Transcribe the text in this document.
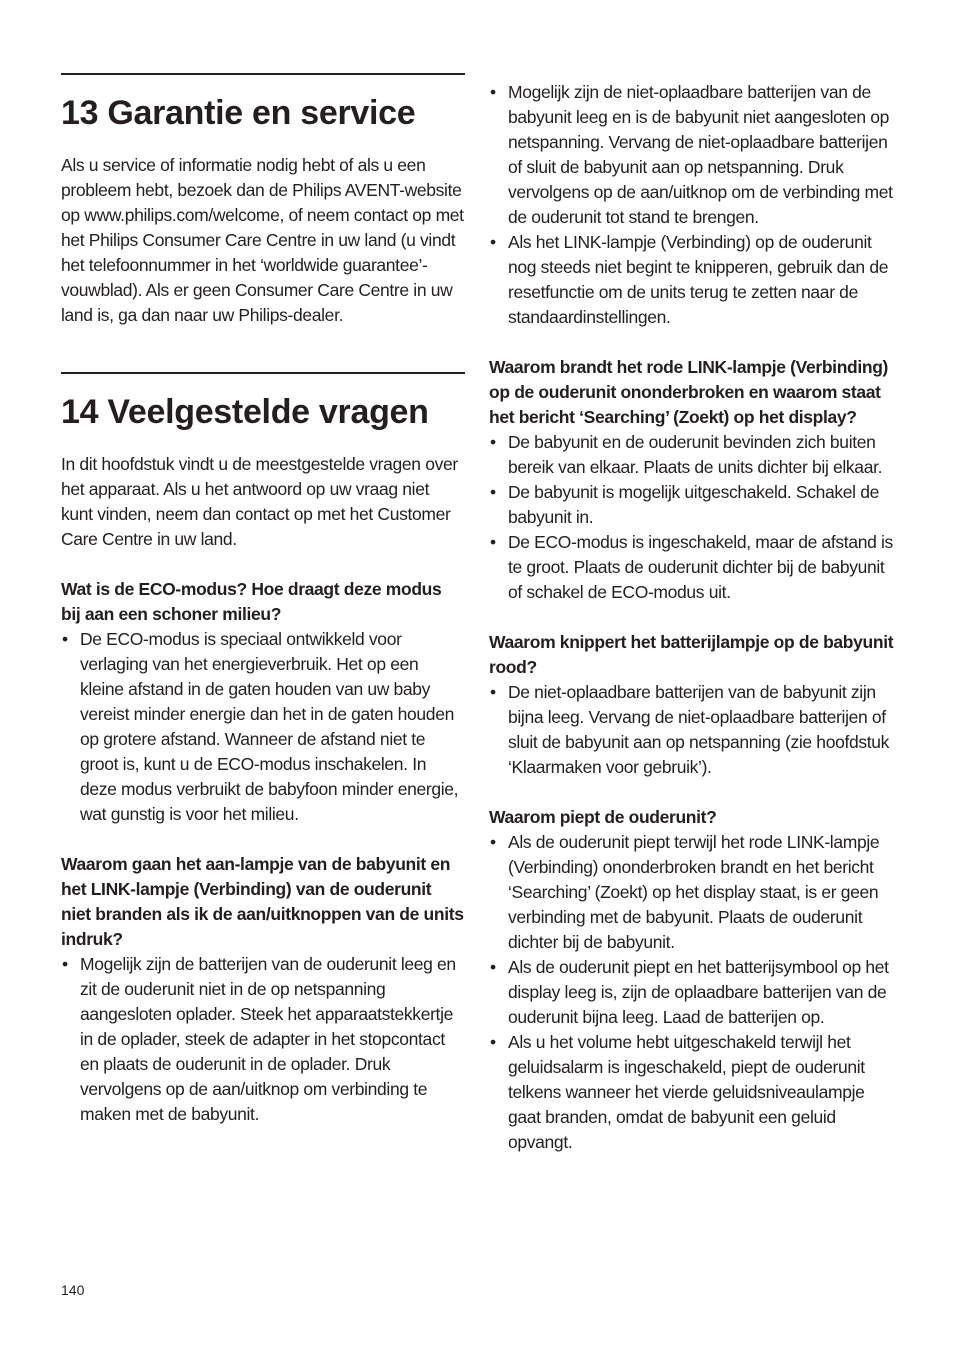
13 Garantie en service

Als u service of informatie nodig hebt of als u een probleem hebt, bezoek dan de Philips AVENT-website op www.philips.com/welcome, of neem contact op met het Philips Consumer Care Centre in uw land (u vindt het telefoonnummer in het ‘worldwide guarantee’-vouwblad). Als er geen Consumer Care Centre in uw land is, ga dan naar uw Philips-dealer.

14 Veelgestelde vragen

In dit hoofdstuk vindt u de meestgestelde vragen over het apparaat. Als u het antwoord op uw vraag niet kunt vinden, neem dan contact op met het Customer Care Centre in uw land.

Wat is de ECO-modus? Hoe draagt deze modus bij aan een schoner milieu?
• De ECO-modus is speciaal ontwikkeld voor verlaging van het energieverbruik. Het op een kleine afstand in de gaten houden van uw baby vereist minder energie dan het in de gaten houden op grotere afstand. Wanneer de afstand niet te groot is, kunt u de ECO-modus inschakelen. In deze modus verbruikt de babyfoon minder energie, wat gunstig is voor het milieu.
Waarom gaan het aan-lampje van de babyunit en het LINK-lampje (Verbinding) van de ouderunit niet branden als ik de aan/uitknoppen van de units indruk?
• Mogelijk zijn de batterijen van de ouderunit leeg en zit de ouderunit niet in de op netspanning aangesloten oplader. Steek het apparaatstekkertje in de oplader, steek de adapter in het stopcontact en plaats de ouderunit in de oplader. Druk vervolgens op de aan/uitknop om verbinding te maken met de babyunit.
• Mogelijk zijn de niet-oplaadbare batterijen van de babyunit leeg en is de babyunit niet aangesloten op netspanning. Vervang de niet-oplaadbare batterijen of sluit de babyunit aan op netspanning. Druk vervolgens op de aan/uitknop om de verbinding met de ouderunit tot stand te brengen.
• Als het LINK-lampje (Verbinding) op de ouderunit nog steeds niet begint te knipperen, gebruik dan de resetfunctie om de units terug te zetten naar de standaardinstellingen.
Waarom brandt het rode LINK-lampje (Verbinding) op de ouderunit ononderbroken en waarom staat het bericht ‘Searching’ (Zoekt) op het display?
• De babyunit en de ouderunit bevinden zich buiten bereik van elkaar. Plaats de units dichter bij elkaar.
• De babyunit is mogelijk uitgeschakeld. Schakel de babyunit in.
• De ECO-modus is ingeschakeld, maar de afstand is te groot. Plaats de ouderunit dichter bij de babyunit of schakel de ECO-modus uit.
Waarom knippert het batterijlampje op de babyunit rood?
• De niet-oplaadbare batterijen van de babyunit zijn bijna leeg. Vervang de niet-oplaadbare batterijen of sluit de babyunit aan op netspanning (zie hoofdstuk ‘Klaarmaken voor gebruik’).
Waarom piept de ouderunit?
• Als de ouderunit piept terwijl het rode LINK-lampje (Verbinding) ononderbroken brandt en het bericht ‘Searching’ (Zoekt) op het display staat, is er geen verbinding met de babyunit. Plaats de ouderunit dichter bij de babyunit.
• Als de ouderunit piept en het batterijsymbool op het display leeg is, zijn de oplaadbare batterijen van de ouderunit bijna leeg. Laad de batterijen op.
• Als u het volume hebt uitgeschakeld terwijl het geluidsalarm is ingeschakeld, piept de ouderunit telkens wanneer het vierde geluidsniveaulampje gaat branden, omdat de babyunit een geluid opvangt.
140
